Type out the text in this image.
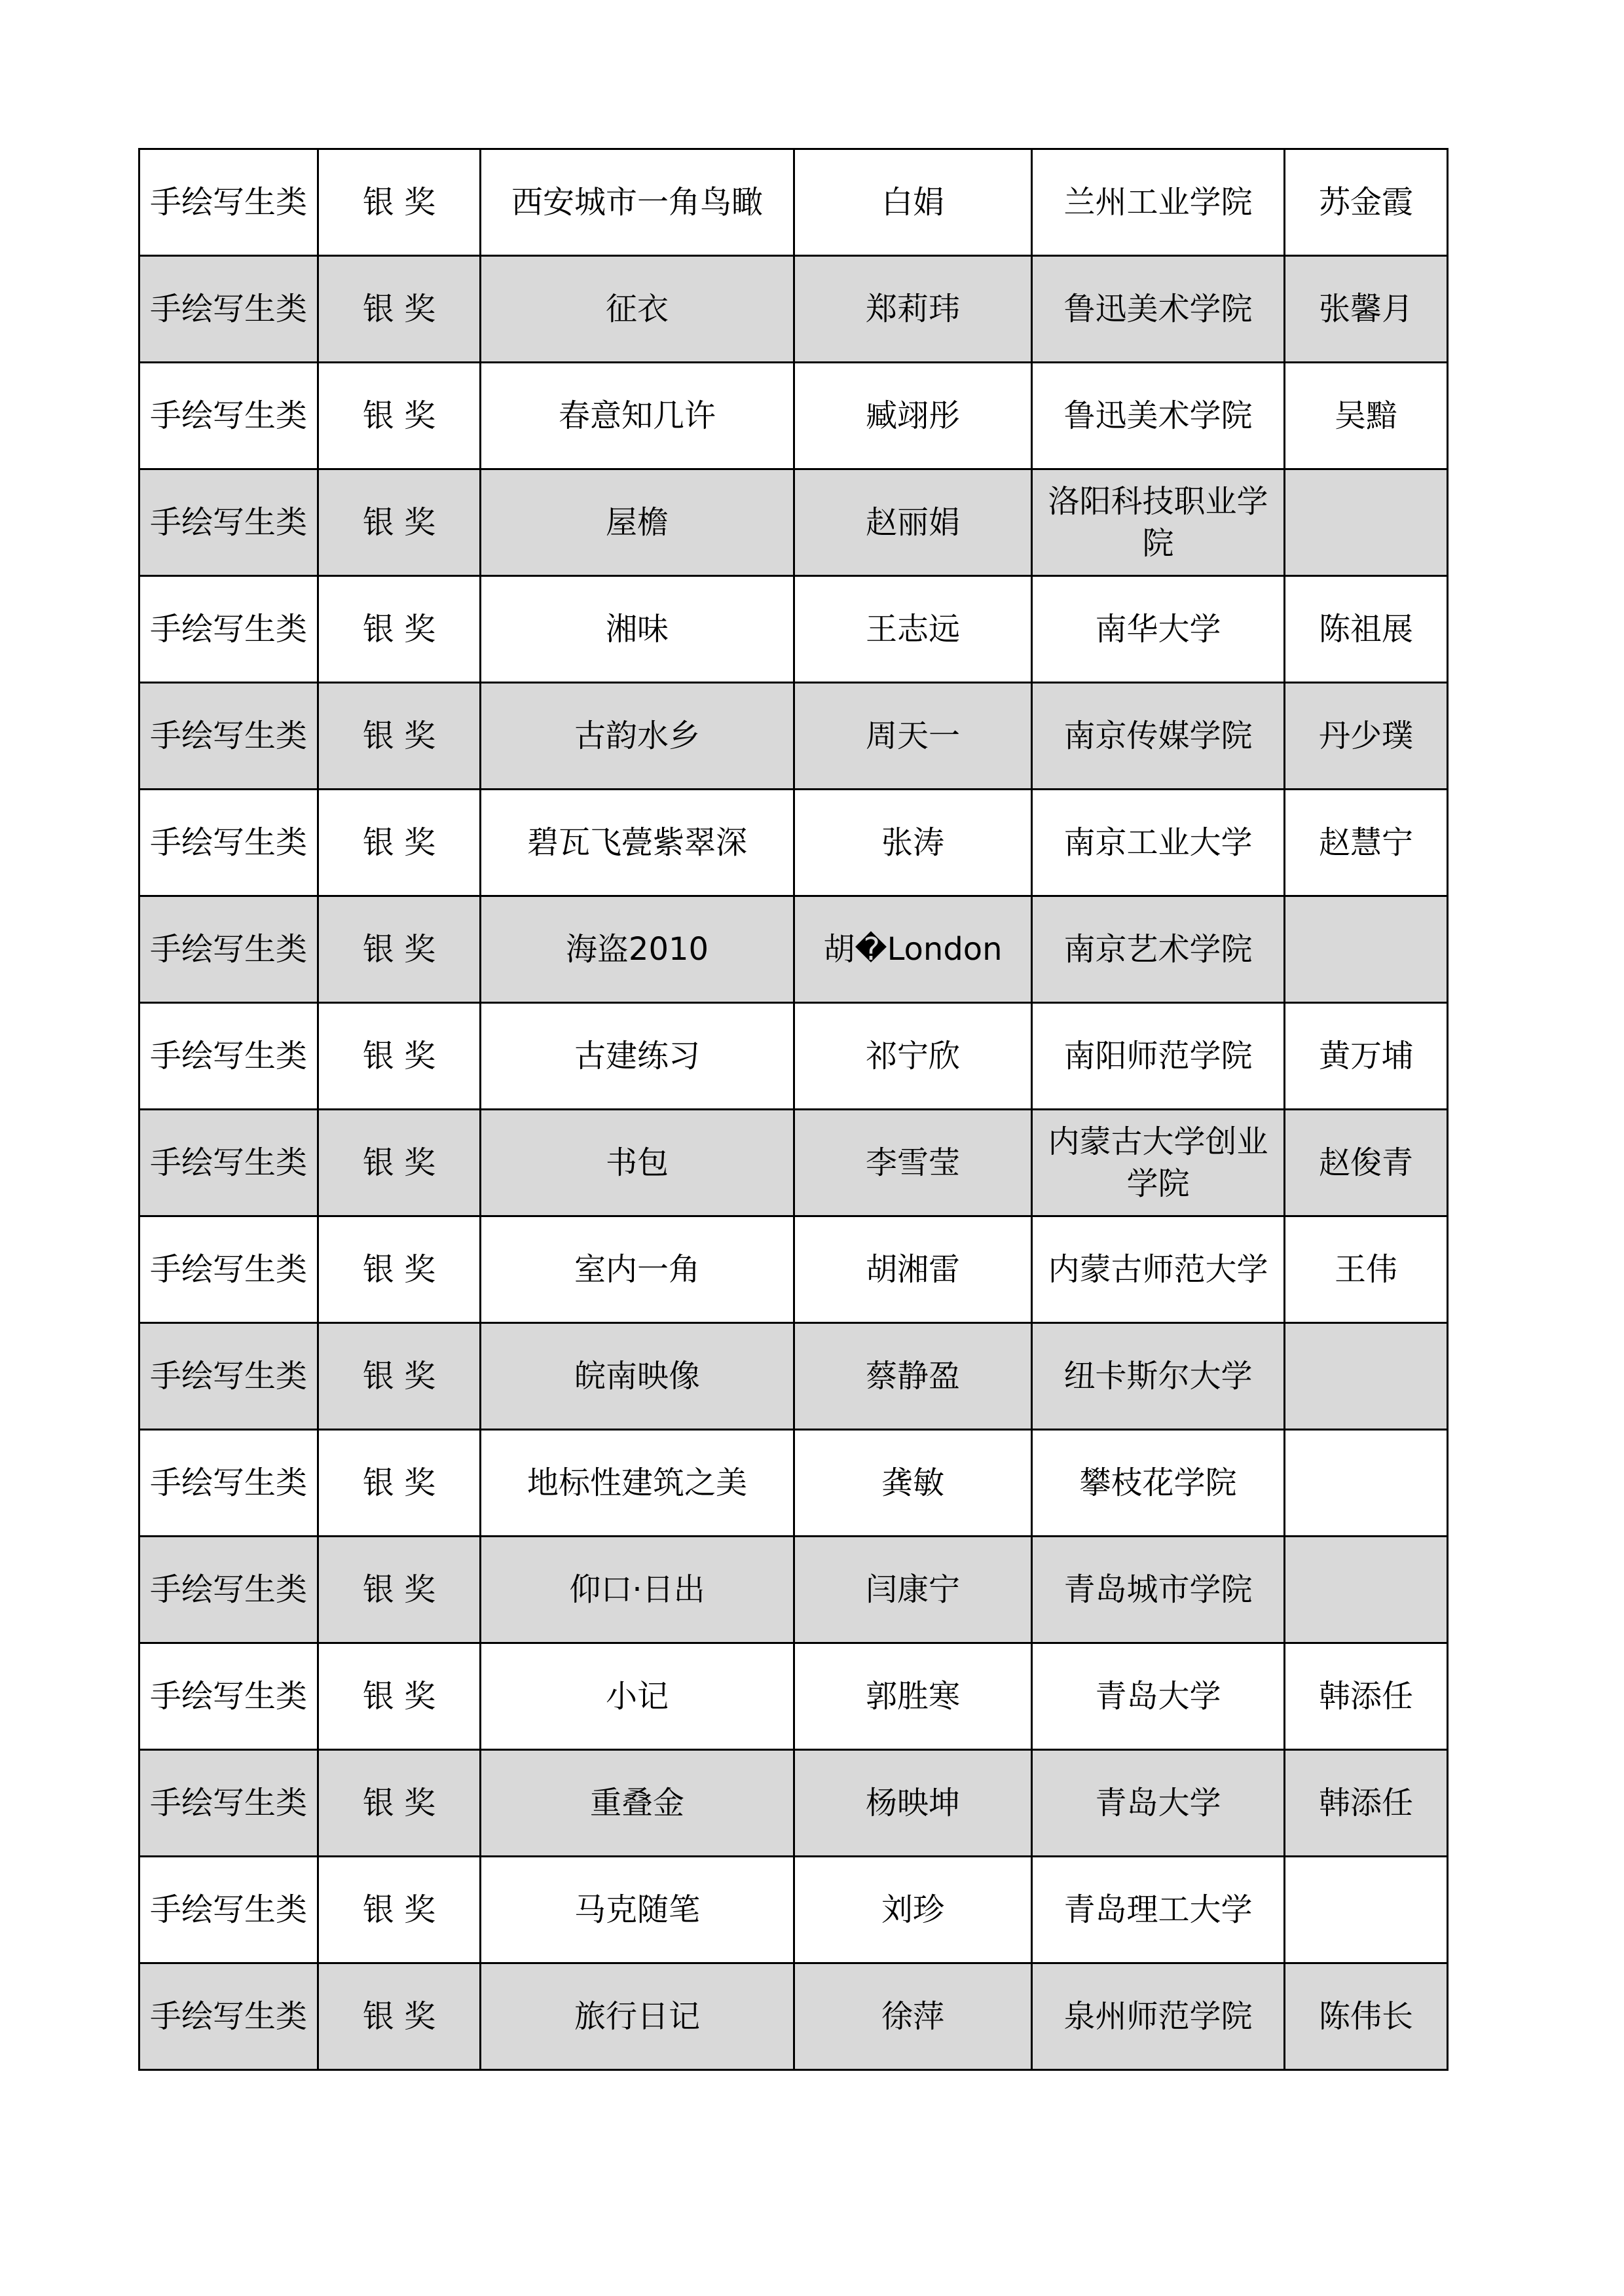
手绘写生类	银 奖	西安城市一角鸟瞰	白娟	兰州工业学院	苏金霞
手绘写生类	银 奖	征衣	郑莉玮	鲁迅美术学院	张馨月
手绘写生类	银 奖	春意知几许	臧翊彤	鲁迅美术学院	吴黯
手绘写生类	银 奖	屋檐	赵丽娟	洛阳科技职业学院	
手绘写生类	银 奖	湘味	王志远	南华大学	陈祖展
手绘写生类	银 奖	古韵水乡	周天一	南京传媒学院	丹少璞
手绘写生类	银 奖	碧瓦飞甍紫翠深	张涛	南京工业大学	赵慧宁
手绘写生类	银 奖	海盗2010	胡�London	南京艺术学院	
手绘写生类	银 奖	古建练习	祁宁欣	南阳师范学院	黄万埔
手绘写生类	银 奖	书包	李雪莹	内蒙古大学创业学院	赵俊青
手绘写生类	银 奖	室内一角	胡湘雷	内蒙古师范大学	王伟
手绘写生类	银 奖	皖南映像	蔡静盈	纽卡斯尔大学	
手绘写生类	银 奖	地标性建筑之美	龚敏	攀枝花学院	
手绘写生类	银 奖	仰口·日出	闫康宁	青岛城市学院	
手绘写生类	银 奖	小记	郭胜寒	青岛大学	韩添任
手绘写生类	银 奖	重叠金	杨映坤	青岛大学	韩添任
手绘写生类	银 奖	马克随笔	刘珍	青岛理工大学	
手绘写生类	银 奖	旅行日记	徐萍	泉州师范学院	陈伟长
